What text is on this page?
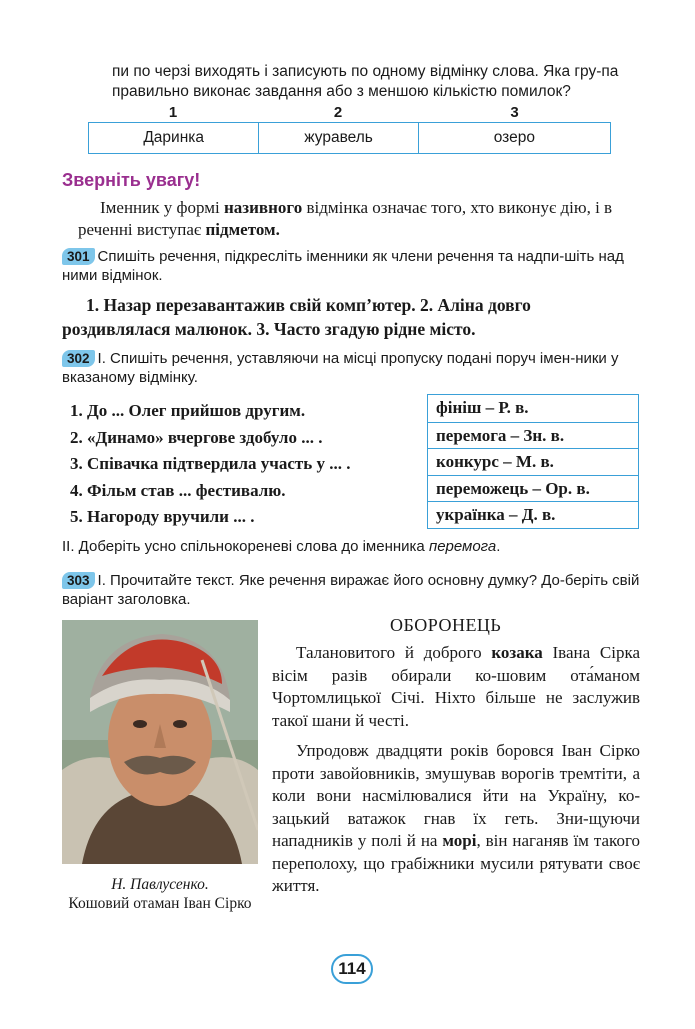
пи по черзі виходять і записують по одному відмінку слова. Яка гру-па правильно виконає завдання або з меншою кількістю помилок?
1	2	3
Даринка	журавель	озеро
Зверніть увагу!

Іменник у формі називного відмінка означає того, хто виконує дію, і в реченні виступає підметом.

301 Спишіть речення, підкресліть іменники як члени речення та надпи-шіть над ними відмінок.

1. Назар перезавантажив свій комп’ютер. 2. Аліна довго роздивлялася малюнок. 3. Часто згадую рідне місто.

302 І. Спишіть речення, уставляючи на місці пропуску подані поруч імен-ники у вказаному відмінку.
1. До ... Олег прийшов другим.
2. «Динамо» вчергове здобуло ... .
3. Співачка підтвердила участь у ... .
4. Фільм став ... фестивалю.
5. Нагороду вручили ... .
фініш – Р. в.
перемога – Зн. в.
конкурс – М. в.
переможець – Ор. в.
українка – Д. в.
ІІ. Доберіть усно спільнокореневі слова до іменника перемога.
303 І. Прочитайте текст. Яке речення виражає його основну думку? До-беріть свій варіант заголовка.
Н. Павлусенко.
Кошовий отаман Іван Сірко
ОБОРОНЕЦЬ

Талановитого й доброго козака Івана Сірка вісім разів обирали ко-шовим ота́маном Чортомлицької Січі. Ніхто більше не заслужив такої шани й честі.

Упродовж двадцяти років боровся Іван Сірко проти завойовників, змушував ворогів тремтіти, а коли вони насмілювалися йти на Україну, ко-зацький ватажок гнав їх геть. Зни-щуючи нападників у полі й на морі, він наганяв їм такого переполоху, що грабіжники мусили рятувати своє життя.

114
